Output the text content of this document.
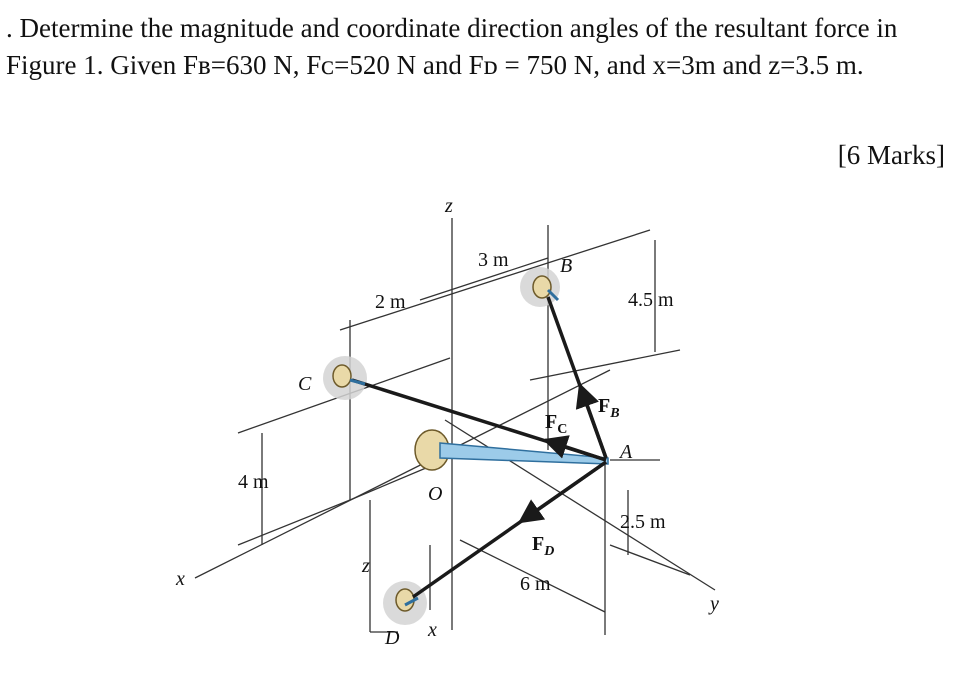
. Determine the magnitude and coordinate direction angles of the resultant force in Figure 1. Given Fʙ=630 N, Fᴄ=520 N and Fᴅ = 750 N, and x=3m and z=3.5 m.

[6 Marks]

z
x
y
z
x
B
C
O
A
D
3 m
2 m	4.5 m
4 m
2.5 m
6 m
$F_B$
$F_C$
$F_D$
